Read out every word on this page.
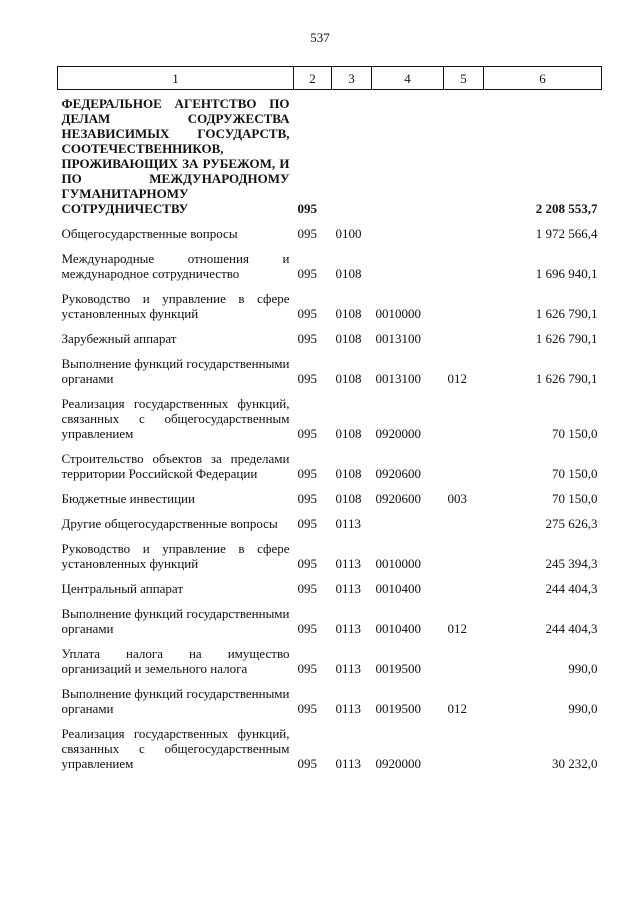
537
1	2	3	4	5	6
ФЕДЕРАЛЬНОЕ АГЕНТСТВО ПО ДЕЛАМ СОДРУЖЕСТВА НЕЗАВИСИМЫХ ГОСУДАРСТВ, СООТЕЧЕСТВЕННИКОВ, ПРОЖИВАЮЩИХ ЗА РУБЕЖОМ, И ПО МЕЖДУНАРОДНОМУ ГУМАНИТАРНОМУ СОТРУДНИЧЕСТВУ	095				2 208 553,7
Общегосударственные вопросы	095	0100			1 972 566,4
Международные отношения и международное сотрудничество	095	0108			1 696 940,1
Руководство и управление в сфере установленных функций	095	0108	0010000		1 626 790,1
Зарубежный аппарат	095	0108	0013100		1 626 790,1
Выполнение функций государственными органами	095	0108	0013100	012	1 626 790,1
Реализация государственных функций, связанных с общегосударственным управлением	095	0108	0920000		70 150,0
Строительство объектов за пределами территории Российской Федерации	095	0108	0920600		70 150,0
Бюджетные инвестиции	095	0108	0920600	003	70 150,0
Другие общегосударственные вопросы	095	0113			275 626,3
Руководство и управление в сфере установленных функций	095	0113	0010000		245 394,3
Центральный аппарат	095	0113	0010400		244 404,3
Выполнение функций государственными органами	095	0113	0010400	012	244 404,3
Уплата налога на имущество организаций и земельного налога	095	0113	0019500		990,0
Выполнение функций государственными органами	095	0113	0019500	012	990,0
Реализация государственных функций, связанных с общегосударственным управлением	095	0113	0920000		30 232,0
